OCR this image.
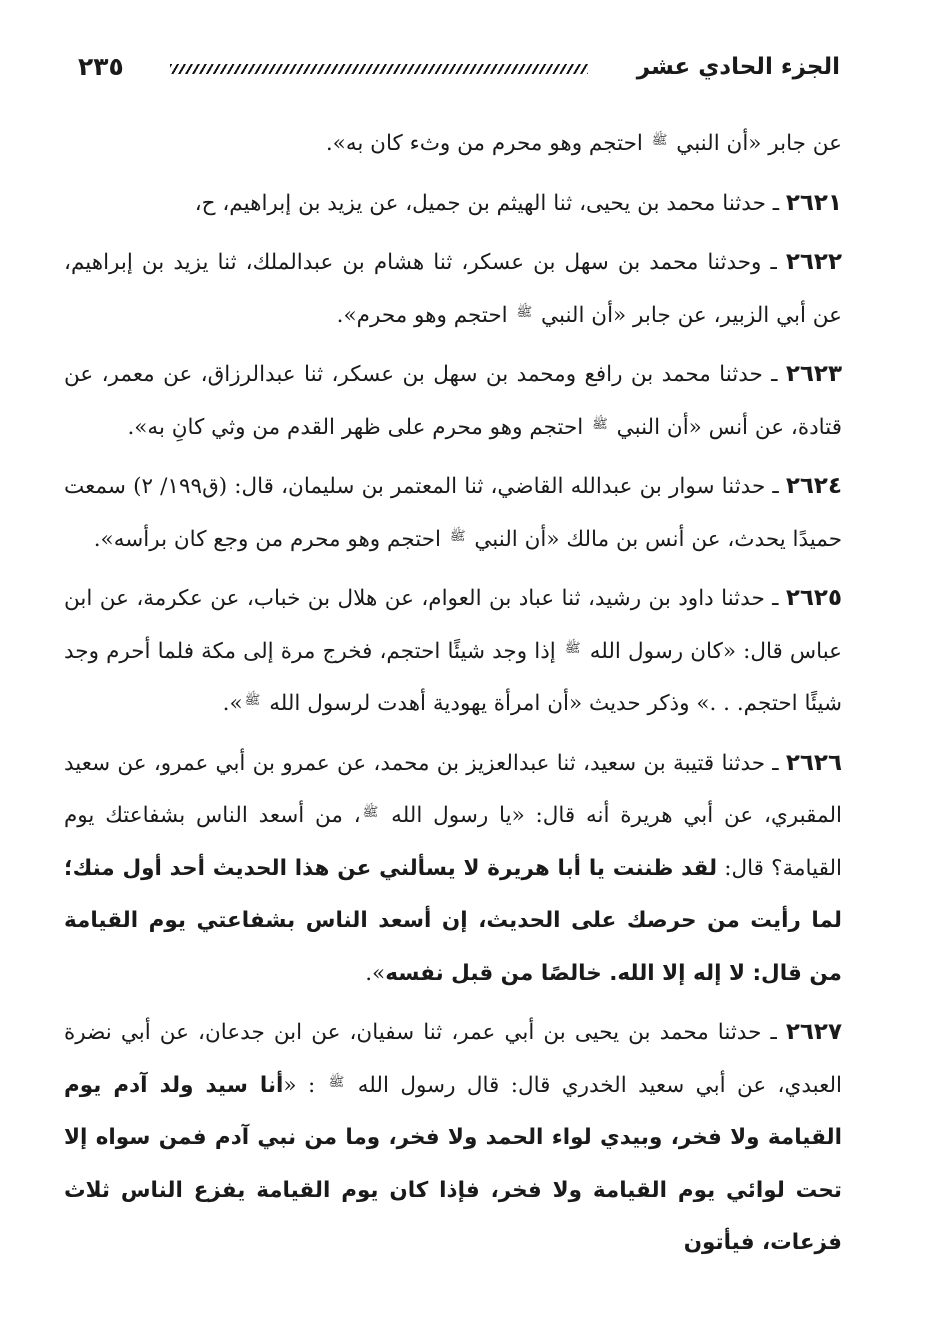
الجزء الحادي عشر
٢٣٥

عن جابر «أن النبي ﷺ احتجم وهو محرم من وثء كان به».

٢٦٢١ ـ حدثنا محمد بن يحيى، ثنا الهيثم بن جميل، عن يزيد بن إبراهيم، ح،

٢٦٢٢ ـ وحدثنا محمد بن سهل بن عسكر، ثنا هشام بن عبدالملك، ثنا يزيد بن إبراهيم، عن أبي الزبير، عن جابر «أن النبي ﷺ احتجم وهو محرم».

٢٦٢٣ ـ حدثنا محمد بن رافع ومحمد بن سهل بن عسكر، ثنا عبدالرزاق، عن معمر، عن قتادة، عن أنس «أن النبي ﷺ احتجم وهو محرم على ظهر القدم من وثي كانِ به».

٢٦٢٤ ـ حدثنا سوار بن عبدالله القاضي، ثنا المعتمر بن سليمان، قال: (ق١٩٩/ ٢) سمعت حميدًا يحدث، عن أنس بن مالك «أن النبي ﷺ احتجم وهو محرم من وجع كان برأسه».

٢٦٢٥ ـ حدثنا داود بن رشيد، ثنا عباد بن العوام، عن هلال بن خباب، عن عكرمة، عن ابن عباس قال: «كان رسول الله ﷺ إذا وجد شيئًا احتجم، فخرج مرة إلى مكة فلما أحرم وجد شيئًا احتجم. . .» وذكر حديث «أن امرأة يهودية أهدت لرسول الله ﷺ».

٢٦٢٦ ـ حدثنا قتيبة بن سعيد، ثنا عبدالعزيز بن محمد، عن عمرو بن أبي عمرو، عن سعيد المقبري، عن أبي هريرة أنه قال: «يا رسول الله ﷺ، من أسعد الناس بشفاعتك يوم القيامة؟ قال: لقد ظننت يا أبا هريرة لا يسألني عن هذا الحديث أحد أول منك؛ لما رأيت من حرصك على الحديث، إن أسعد الناس بشفاعتي يوم القيامة من قال: لا إله إلا الله. خالصًا من قبل نفسه».

٢٦٢٧ ـ حدثنا محمد بن يحيى بن أبي عمر، ثنا سفيان، عن ابن جدعان، عن أبي نضرة العبدي، عن أبي سعيد الخدري قال: قال رسول الله ﷺ : «أنا سيد ولد آدم يوم القيامة ولا فخر، وبيدي لواء الحمد ولا فخر، وما من نبي آدم فمن سواه إلا تحت لوائي يوم القيامة ولا فخر، فإذا كان يوم القيامة يفزع الناس ثلاث فزعات، فيأتون
